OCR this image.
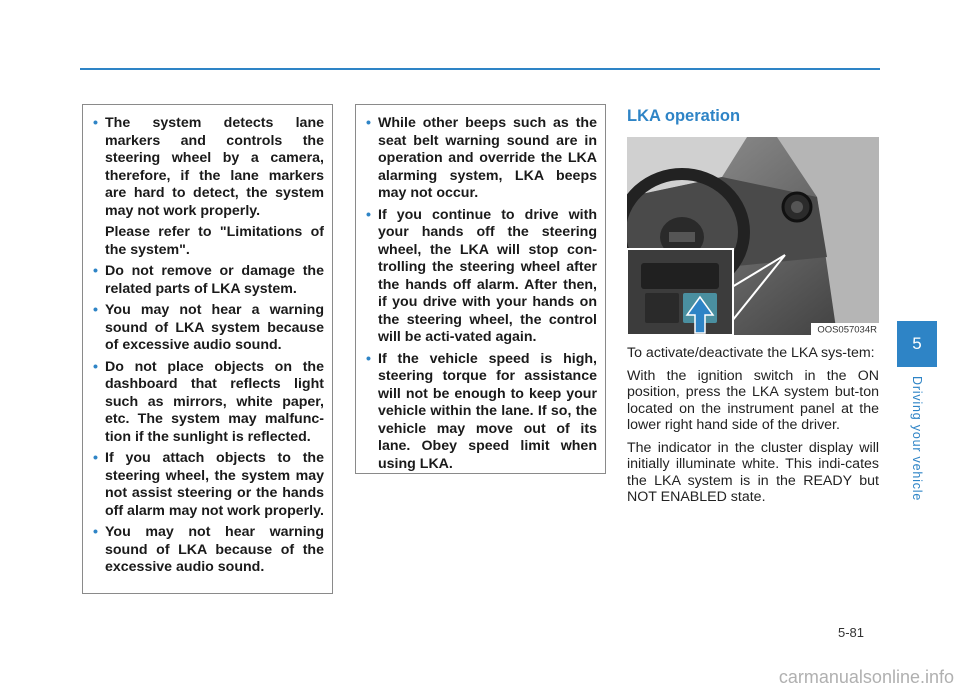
• The system detects lane markers and controls the steering wheel by a camera, therefore, if the lane markers are hard to detect, the system may not work properly.
Please refer to "Limitations of the system".
• Do not remove or damage the related parts of LKA system.
• You may not hear a warning sound of LKA system because of excessive audio sound.
• Do not place objects on the dashboard that reflects light such as mirrors, white paper, etc. The system may malfunc-tion if the sunlight is reflected.
• If you attach objects to the steering wheel, the system may not assist steering or the hands off alarm may not work properly.
• You may not hear warning sound of LKA because of the excessive audio sound.
• While other beeps such as the seat belt warning sound are in operation and override the LKA alarming system, LKA beeps may not occur.
• If you continue to drive with your hands off the steering wheel, the LKA will stop con-trolling the steering wheel after the hands off alarm. After then, if you drive with your hands on the steering wheel, the control will be acti-vated again.
• If the vehicle speed is high, steering torque for assistance will not be enough to keep your vehicle within the lane. If so, the vehicle may move out of its lane. Obey speed limit when using LKA.
LKA operation
OOS057034R

To activate/deactivate the LKA sys-tem:

With the ignition switch in the ON position, press the LKA system but-ton located on the instrument panel at the lower right hand side of the driver.

The indicator in the cluster display will initially illuminate white. This indi-cates the LKA system is in the READY but NOT ENABLED state.

5
Driving your vehicle
5-81
carmanualsonline.info
